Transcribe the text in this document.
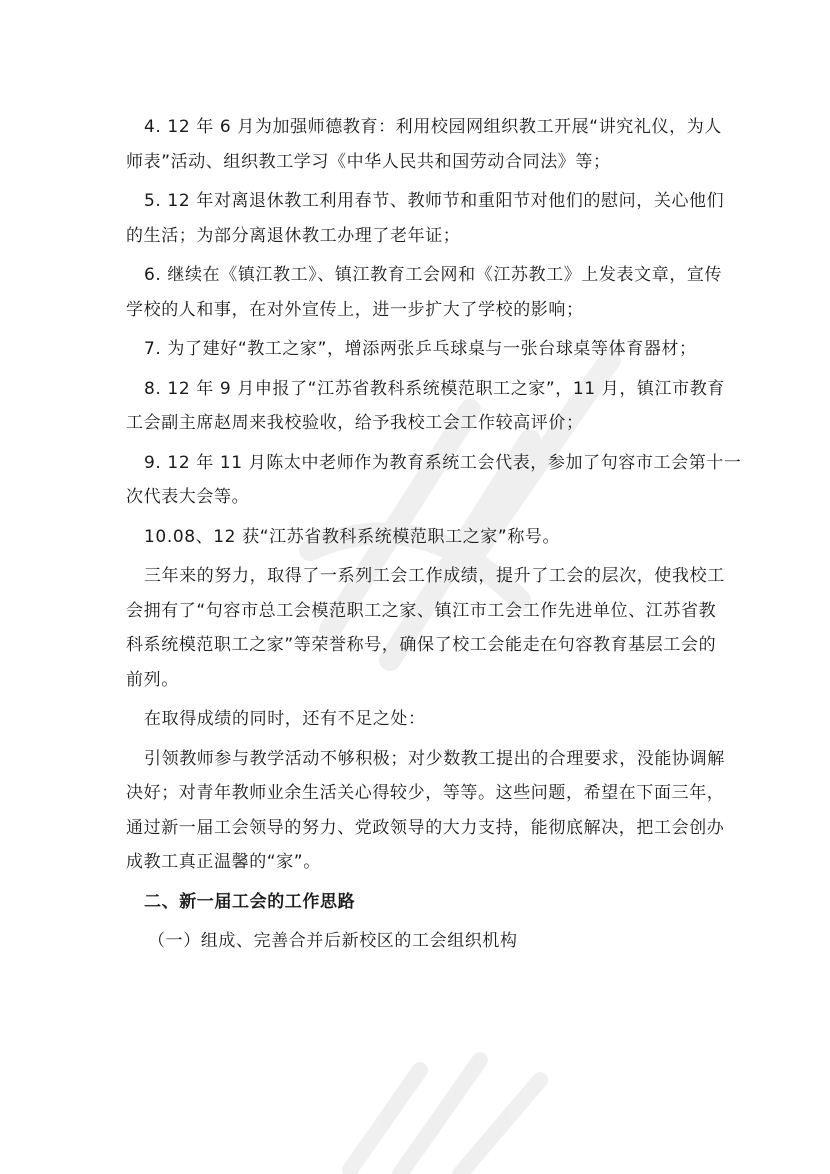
4. 12 年 6 月为加强师德教育：利用校园网组织教工开展“讲究礼仪，为人
师表”活动、组织教工学习《中华人民共和国劳动合同法》等；
5. 12 年对离退休教工利用春节、教师节和重阳节对他们的慰问，关心他们
的生活；为部分离退休教工办理了老年证；
6. 继续在《镇江教工》、镇江教育工会网和《江苏教工》上发表文章，宣传
学校的人和事，在对外宣传上，进一步扩大了学校的影响；
7. 为了建好“教工之家”，增添两张乒乓球桌与一张台球桌等体育器材；
8. 12 年 9 月申报了“江苏省教科系统模范职工之家”，11 月，镇江市教育
工会副主席赵周来我校验收，给予我校工会工作较高评价；
9. 12 年 11 月陈太中老师作为教育系统工会代表，参加了句容市工会第十一
次代表大会等。
10.08、12 获“江苏省教科系统模范职工之家”称号。
三年来的努力，取得了一系列工会工作成绩，提升了工会的层次，使我校工
会拥有了“句容市总工会模范职工之家、镇江市工会工作先进单位、江苏省教
科系统模范职工之家”等荣誉称号，确保了校工会能走在句容教育基层工会的
前列。
在取得成绩的同时，还有不足之处：
引领教师参与教学活动不够积极；对少数教工提出的合理要求，没能协调解
决好；对青年教师业余生活关心得较少，等等。这些问题，希望在下面三年，
通过新一届工会领导的努力、党政领导的大力支持，能彻底解决，把工会创办
成教工真正温馨的“家”。
二、新一届工会的工作思路
（一）组成、完善合并后新校区的工会组织机构
